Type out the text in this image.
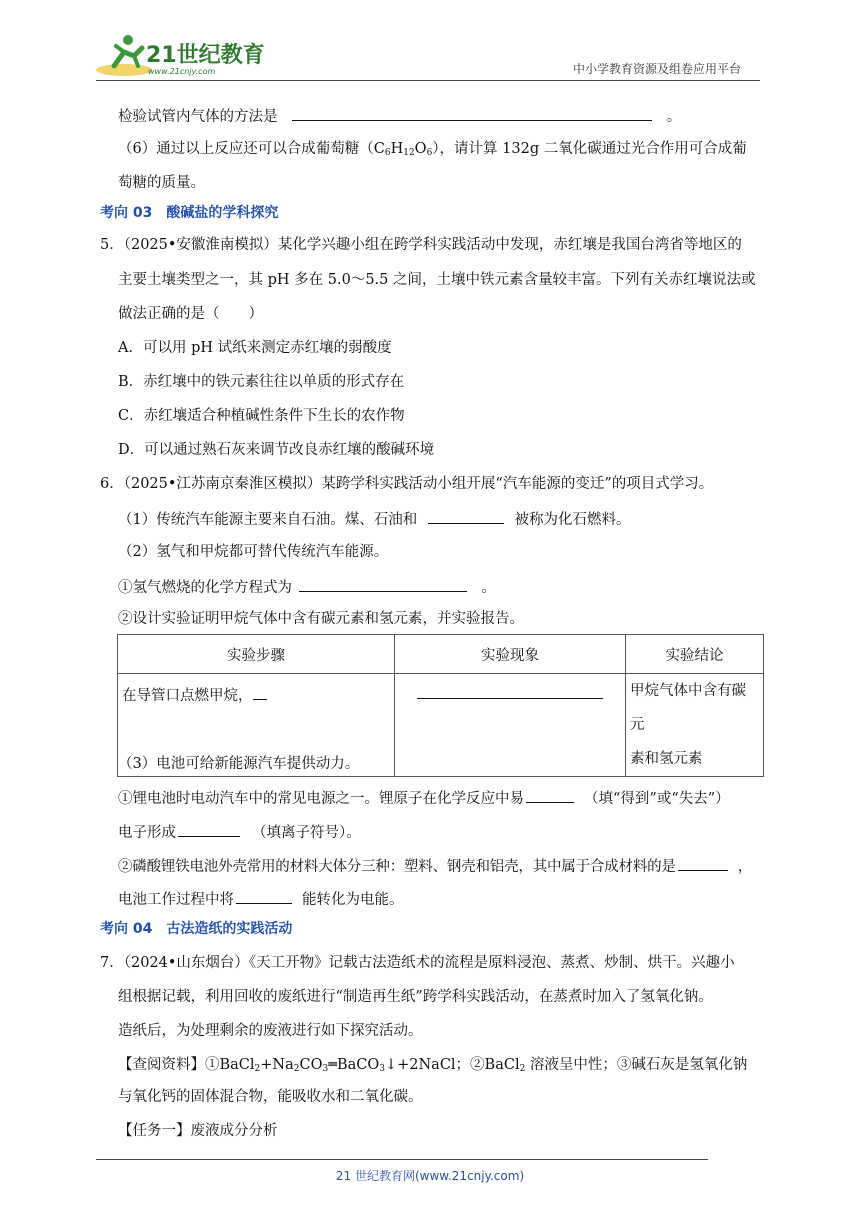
21世纪教育
www.21cnjy.com	中小学教育资源及组卷应用平台
检验试管内气体的方法是	。
（6）通过以上反应还可以合成葡萄糖$(C_6H_{12}O_6)$，请计算 132g 二氧化碳通过光合作用可合成葡
萄糖的质量。
考向 03　酸碱盐的学科探究
5．（2025•安徽淮南模拟）某化学兴趣小组在跨学科实践活动中发现，赤红壤是我国台湾省等地区的
主要土壤类型之一，其 pH 多在 5.0～5.5 之间，土壤中铁元素含量较丰富。下列有关赤红壤说法或
做法正确的是（　　）
A．可以用 pH 试纸来测定赤红壤的弱酸度
B．赤红壤中的铁元素往往以单质的形式存在
C．赤红壤适合种植碱性条件下生长的农作物
D．可以通过熟石灰来调节改良赤红壤的酸碱环境
6．（2025•江苏南京秦淮区模拟）某跨学科实践活动小组开展“汽车能源的变迁”的项目式学习。
（1）传统汽车能源主要来自石油。煤、石油和	被称为化石燃料。
（2）氢气和甲烷都可替代传统汽车能源。
①氢气燃烧的化学方程式为	。
②设计实验证明甲烷气体中含有碳元素和氢元素，并实验报告。
实验步骤	实验现象	实验结论
在导管口点燃甲烷，		甲烷气体中含有碳元
素和氢元素
（3）电池可给新能源汽车提供动力。
①锂电池时电动汽车中的常见电源之一。锂原子在化学反应中易	（填“得到”或“失去”）
电子形成	（填离子符号）。
②磷酸锂铁电池外壳常用的材料大体分三种：塑料、钢壳和铝壳，其中属于合成材料的是	，
电池工作过程中将	能转化为电能。
考向 04　古法造纸的实践活动
7．（2024•山东烟台）《天工开物》记载古法造纸术的流程是原料浸泡、蒸煮、炒制、烘干。兴趣小
组根据记载，利用回收的废纸进行“制造再生纸”跨学科实践活动，在蒸煮时加入了氢氧化钠。
造纸后，为处理剩余的废液进行如下探究活动。
【查阅资料】$①BaCl_2+Na_2CO_3═BaCO_3↓+2NaCl$；②BaCl$_2$ 溶液呈中性；③碱石灰是氢氧化钠
与氧化钙的固体混合物，能吸收水和二氧化碳。
【任务一】废液成分分析
21 世纪教育网(www.21cnjy.com)
